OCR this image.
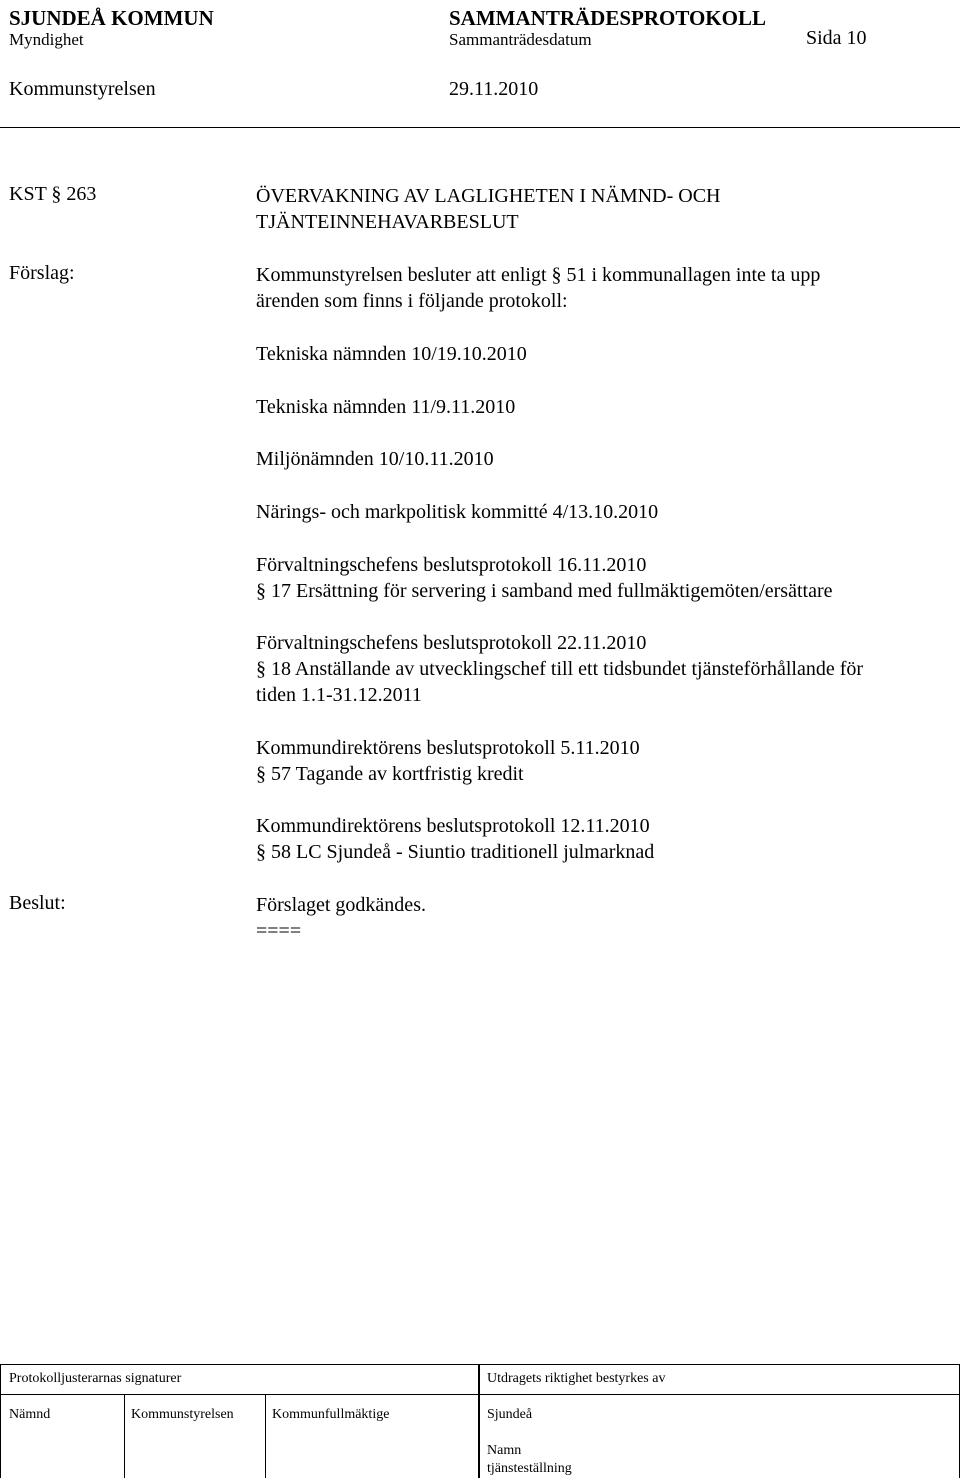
SJUNDEÅ KOMMUN	SAMMANTRÄDESPROTOKOLL
Myndighet	Sammanträdesdatum	Sida 10
Kommunstyrelsen	29.11.2010
KST § 263	ÖVERVAKNING AV LAGLIGHETEN I NÄMND- OCH
TJÄNTEINNEHAVARBESLUT
Förslag:	Kommunstyrelsen besluter att enligt § 51 i kommunallagen inte ta upp
ärenden som finns i följande protokoll:
Tekniska nämnden 10/19.10.2010
Tekniska nämnden 11/9.11.2010
Miljönämnden 10/10.11.2010
Närings- och markpolitisk kommitté 4/13.10.2010
Förvaltningschefens beslutsprotokoll 16.11.2010
§ 17 Ersättning för servering i samband med fullmäktigemöten/ersättare
Förvaltningschefens beslutsprotokoll 22.11.2010
§ 18 Anställande av utvecklingschef till ett tidsbundet tjänsteförhållande för
tiden 1.1-31.12.2011
Kommundirektörens beslutsprotokoll 5.11.2010
§ 57 Tagande av kortfristig kredit
Kommundirektörens beslutsprotokoll 12.11.2010
§ 58 LC Sjundeå - Siuntio traditionell julmarknad
Beslut:	Förslaget godkändes.
====
Protokolljusterarnas signaturer	Utdragets riktighet bestyrkes av
Nämnd	Kommunstyrelsen	Kommunfullmäktige	Sjundeå
Namn
tjänsteställning
